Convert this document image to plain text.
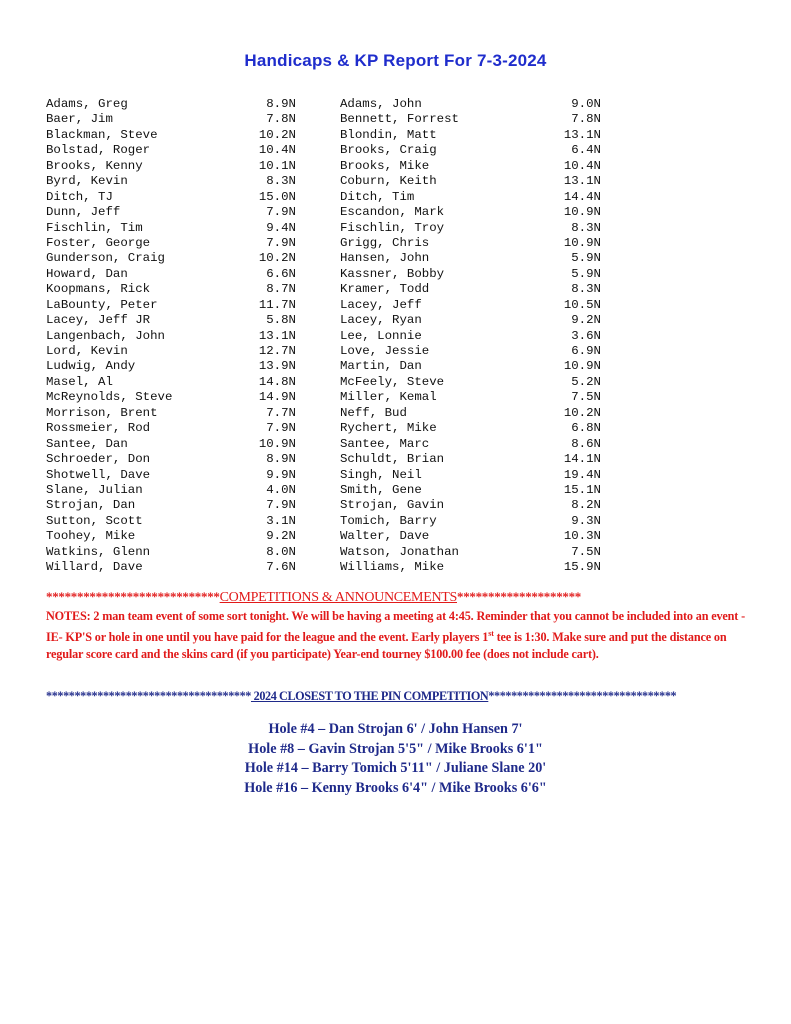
Handicaps & KP Report For 7-3-2024
Adams, Greg	8.9N	Adams, John	9.0N
Baer, Jim	7.8N	Bennett, Forrest	7.8N
Blackman, Steve	10.2N	Blondin, Matt	13.1N
Bolstad, Roger	10.4N	Brooks, Craig	6.4N
Brooks, Kenny	10.1N	Brooks, Mike	10.4N
Byrd, Kevin	8.3N	Coburn, Keith	13.1N
Ditch, TJ	15.0N	Ditch, Tim	14.4N
Dunn, Jeff	7.9N	Escandon, Mark	10.9N
Fischlin, Tim	9.4N	Fischlin, Troy	8.3N
Foster, George	7.9N	Grigg, Chris	10.9N
Gunderson, Craig	10.2N	Hansen, John	5.9N
Howard, Dan	6.6N	Kassner, Bobby	5.9N
Koopmans, Rick	8.7N	Kramer, Todd	8.3N
LaBounty, Peter	11.7N	Lacey, Jeff	10.5N
Lacey, Jeff JR	5.8N	Lacey, Ryan	9.2N
Langenbach, John	13.1N	Lee, Lonnie	3.6N
Lord, Kevin	12.7N	Love, Jessie	6.9N
Ludwig, Andy	13.9N	Martin, Dan	10.9N
Masel, Al	14.8N	McFeely, Steve	5.2N
McReynolds, Steve	14.9N	Miller, Kemal	7.5N
Morrison, Brent	7.7N	Neff, Bud	10.2N
Rossmeier, Rod	7.9N	Rychert, Mike	6.8N
Santee, Dan	10.9N	Santee, Marc	8.6N
Schroeder, Don	8.9N	Schuldt, Brian	14.1N
Shotwell, Dave	9.9N	Singh, Neil	19.4N
Slane, Julian	4.0N	Smith, Gene	15.1N
Strojan, Dan	7.9N	Strojan, Gavin	8.2N
Sutton, Scott	3.1N	Tomich, Barry	9.3N
Toohey, Mike	9.2N	Walter, Dave	10.3N
Watkins, Glenn	8.0N	Watson, Jonathan	7.5N
Willard, Dave	7.6N	Williams, Mike	15.9N
****************************COMPETITIONS & ANNOUNCEMENTS********************
NOTES: 2 man team event of some sort tonight. We will be having a meeting at 4:45. Reminder that you cannot be included into an event -IE- KP'S or hole in one until you have paid for the league and the event. Early players 1st tee is 1:30. Make sure and put the distance on regular score card and the skins card (if you participate) Year-end tourney $100.00 fee (does not include cart).
************************************ 2024 CLOSEST TO THE PIN COMPETITION*********************************
Hole #4 – Dan Strojan 6' / John Hansen 7'
Hole #8 – Gavin Strojan 5'5" / Mike Brooks 6'1"
Hole #14 – Barry Tomich 5'11" / Juliane Slane 20'
Hole #16 – Kenny Brooks 6'4" / Mike Brooks 6'6"
